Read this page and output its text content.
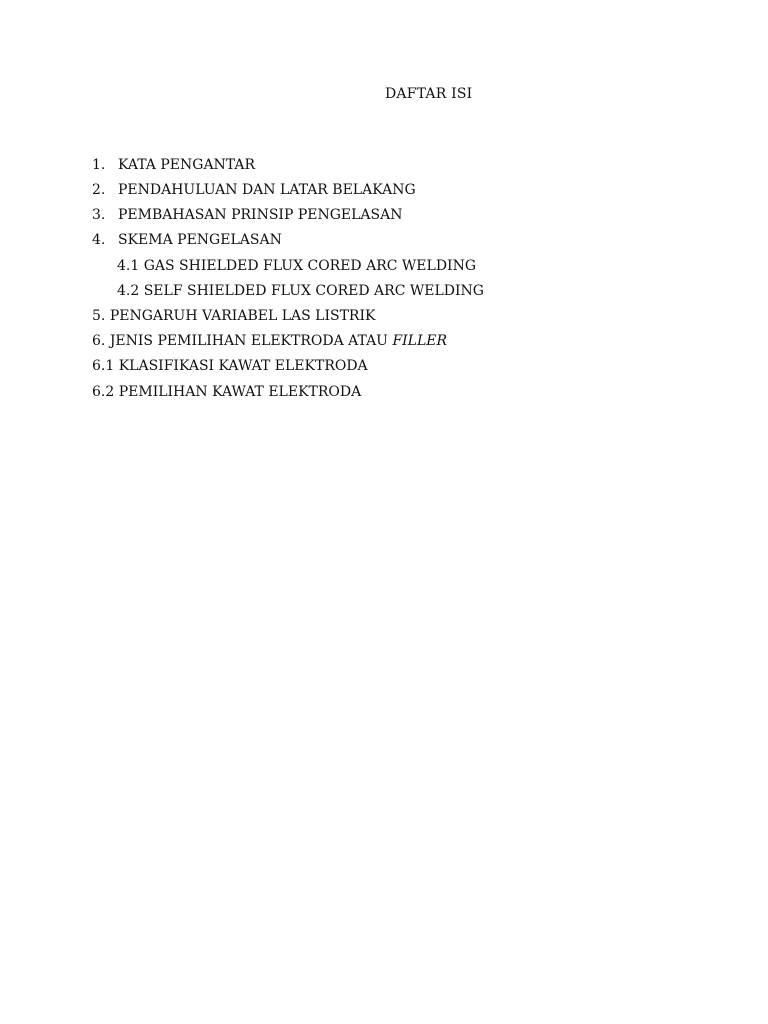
DAFTAR ISI
1. KATA PENGANTAR
2. PENDAHULUAN DAN LATAR BELAKANG
3. PEMBAHASAN PRINSIP PENGELASAN
4. SKEMA PENGELASAN
4.1 GAS SHIELDED FLUX CORED ARC WELDING
4.2 SELF SHIELDED FLUX CORED ARC WELDING
5. PENGARUH VARIABEL LAS LISTRIK
6. JENIS PEMILIHAN ELEKTRODA ATAU FILLER
6.1 KLASIFIKASI KAWAT ELEKTRODA
6.2 PEMILIHAN KAWAT ELEKTRODA
